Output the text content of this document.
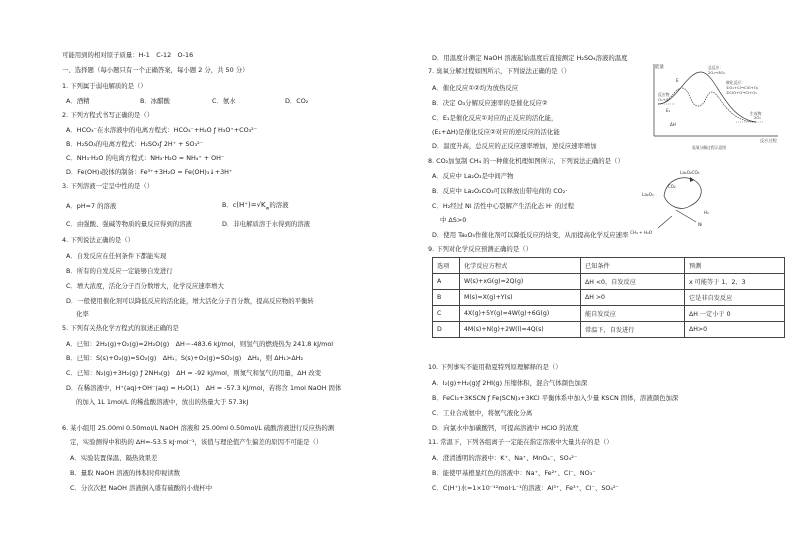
可能用到的相对原子质量：H-1　C-12　O-16
一、选择题（每小题只有一个正确答案，每小题 2 分，共 50 分）
1. 下列属于弱电解质的是（）
A．酒精	B．冰醋酸	C．氨水	D．CO₂
2. 下列方程式书写正确的是（）
A．HCO₃⁻在水溶液中的电离方程式：HCO₃⁻+H₂O ƒ H₃O⁺+CO₃²⁻
B．H₂SO₃的电离方程式：H₂SO₃ƒ 2H⁺ + SO₃²⁻
C．NH₃·H₂O 的电离方程式：NH₃·H₂O = NH₄⁺ + OH⁻
D．Fe(OH)₃胶体的制备：Fe³⁺+3H₂O = Fe(OH)₃↓+3H⁺
3. 下列溶液一定呈中性的是（）
A．pH=7 的溶液	B．$c(H^+)=√K_w$的溶液
C．由强酸、强碱等物质的量反应得到的溶液	D．非电解质溶于水得到的溶液
4. 下列说法正确的是（）
A．自发反应在任何条件下都能实现
B．所有的自发反应一定能够自发进行
C．增大浓度，活化分子百分数增大，化学反应速率增大
D．一般使用催化剂可以降低反应的活化能，增大活化分子百分数，提高反应物的平衡转
化率
5. 下列有关热化学方程式的叙述正确的是
A．已知：2H₂(g)+O₂(g)=2H₂O(g)　ΔH＝-483.6 kJ/mol，则氢气的燃烧热为 241.8 kJ/mol
B．已知：S(s)+O₂(g)=SO₂(g)　ΔH₁；S(s)+O₂(g)=SO₂(g)　ΔH₂，则 ΔH₁>ΔH₂
C．已知：N₂(g)+3H₂(g) ƒ 2NH₃(g)　ΔH = -92 kJ/mol，则氮气和氢气的用量，ΔH 改变
D．在稀溶液中，H⁺(aq)+OH⁻(aq) = H₂O(1)　ΔH = -57.3 kJ/mol，若将含 1mol NaOH 固体
的加入 1L 1mol/L 的稀盐酸溶液中，放出的热量大于 57.3kJ
6. 某小组用 25.00ml 0.50mol/L NaOH 溶液和 25.00ml 0.50mol/L 硫酸溶液进行反应热的测
定，实验测得中和热的 ΔH=-53.5 kJ·mol⁻¹，该值与理论值产生偏差的原因不可能是（）
A．实验装置保温、隔热效果差
B．量取 NaOH 溶液的体积时仰视读数
C．分次次把 NaOH 溶液倒入盛有硫酸的小烧杯中
D．用温度计测定 NaOH 溶液起始温度后直接测定 H₂SO₄溶液的温度
7. 臭氧分解过程如图所示，下列说法正确的是（）
A．催化反应①②均为放热反应
B．决定 O₃分解反应速率的是催化反应②
C．E₁是催化反应①对应的正反应的活化能，
(E₁+ΔH)是催化反应②对应的逆反应的活化能
D．温度升高，总反应的正反应速率增加，逆反应速率增加
能量
反应过程
反应物
O₃+O
生成物
2O₂
E
E₁
ΔH
总反应：
2O₃→3O₂
催化反应：
①O₃+Cl→ClO+O₂
②ClO+O→Cl+O₂
臭氧分解过程示意图
8. CO₂加氢制 CH₄ 的一种催化机理如图所示，下列说法正确的是（）
A．反应中 La₂O₃是中间产物
B．反应中 La₂O₂CO₃可以释放出带电荷的 CO₂·
C．H₂经过 Ni 活性中心裂解产生活化态 H· 的过程
中 ΔS>0
D．使用 Ta₂O₅作催化剂可以降低反应的焓变，从而提高化学反应速率
La₂O₂CO₃
La₂O₃
CO₂
Ni
H₂
CH₄ + H₂O
9. 下列对化学反应预测正确的是（）
选项	化学反应方程式	已知条件	预测
A	W(s)+xG(g)=2Q(g)	ΔH <0，自发反应	x 可能等于 1、2、3
B	M(s)=X(g)+Y(s)	ΔH >0	它是非自发反应
C	4X(g)+5Y(g)=4W(g)+6G(g)	能自发反应	ΔH 一定小于 0
D	4M(s)+N(g)+2W(l)=4Q(s)	常温下，自发进行	ΔH>0
10. 下列事实不能用勒夏特列原理解释的是（）
A．I₂(g)+H₂(g)ƒ 2HI(g) 压缩体积，混合气体颜色加深
B．FeCl₃+3KSCN ƒ Fe(SCN)₃+3KCl 平衡体系中加入少量 KSCN 固体，溶液颜色加深
C．工业合成氨中，将氨气液化分离
D．向氯水中加碳酸钙，可提高溶液中 HClO 的浓度
11. 常温下，下列各组离子一定能在指定溶液中大量共存的是（）
A．澄清透明的溶液中：K⁺、Na⁺、MnO₄⁻、SO₄²⁻
B．能使甲基橙显红色的溶液中：Na⁺、Fe²⁺、Cl⁻、NO₃⁻
C．C(H⁺)水=1×10⁻¹²mol·L⁻¹的溶液：Al³⁺、Fe³⁺、Cl⁻、SO₄²⁻
